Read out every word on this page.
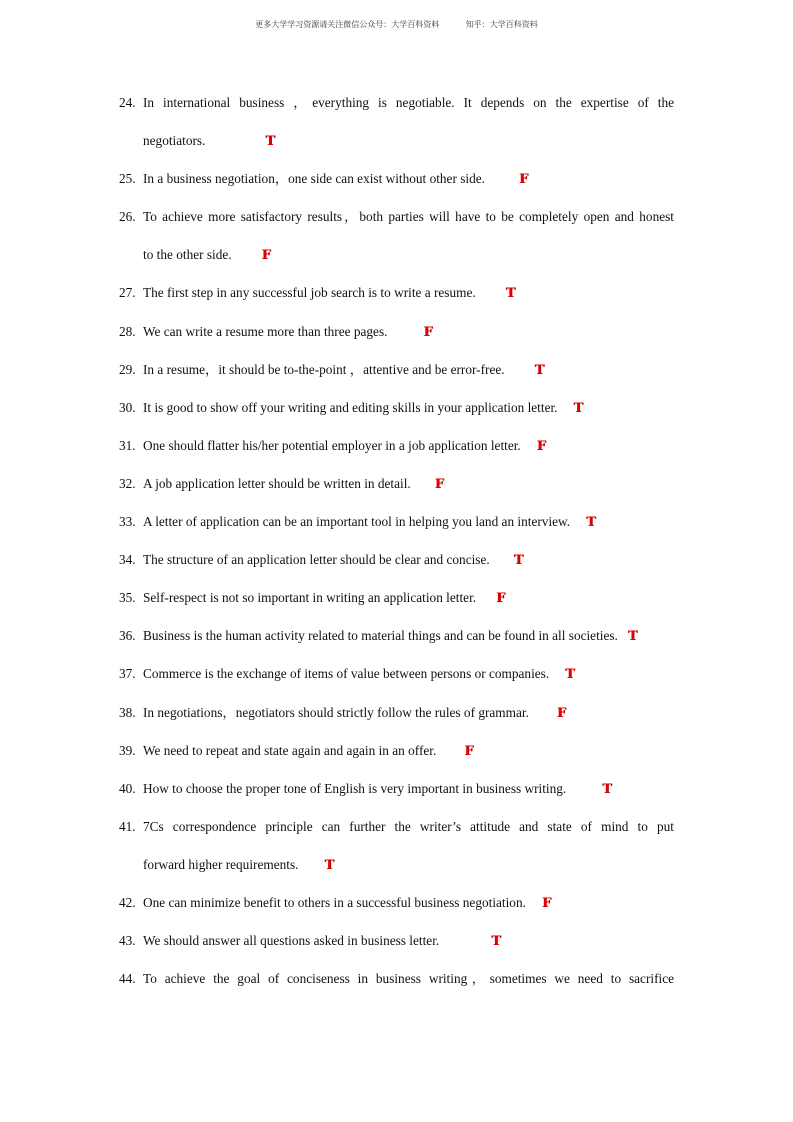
更多大学学习资源请关注微信公众号：大学百科资料	知乎：大学百科资料
24. In international business ，everything is negotiable. It depends on the expertise of the
negotiators.	T
25. In a business negotiation，one side can exist without other side.	F
26. To achieve more satisfactory results，both parties will have to be completely open and honest
to the other side. F
27. The first step in any successful job search is to write a resume. T
28. We can write a resume more than three pages.	F
29. In a resume，it should be to-the-point ，attentive and be error-free. T
30. It is good to show off your writing and editing skills in your application letter. T
31. One should flatter his/her potential employer in a job application letter. F
32. A job application letter should be written in detail. F
33. A letter of application can be an important tool in helping you land an interview. T
34. The structure of an application letter should be clear and concise. T
35. Self-respect is not so important in writing an application letter. F
36. Business is the human activity related to material things and can be found in all societies. T
37. Commerce is the exchange of items of value between persons or companies. T
38. In negotiations，negotiators should strictly follow the rules of grammar. F
39. We need to repeat and state again and again in an offer. F
40. How to choose the proper tone of English is very important in business writing.	T
41. 7Cs correspondence principle can further the writer’s attitude and state of mind to put
forward higher requirements. T
42. One can minimize benefit to others in a successful business negotiation. F
43. We should answer all questions asked in business letter.	T
44. To achieve the goal of conciseness in business writing，sometimes we need to sacrifice
